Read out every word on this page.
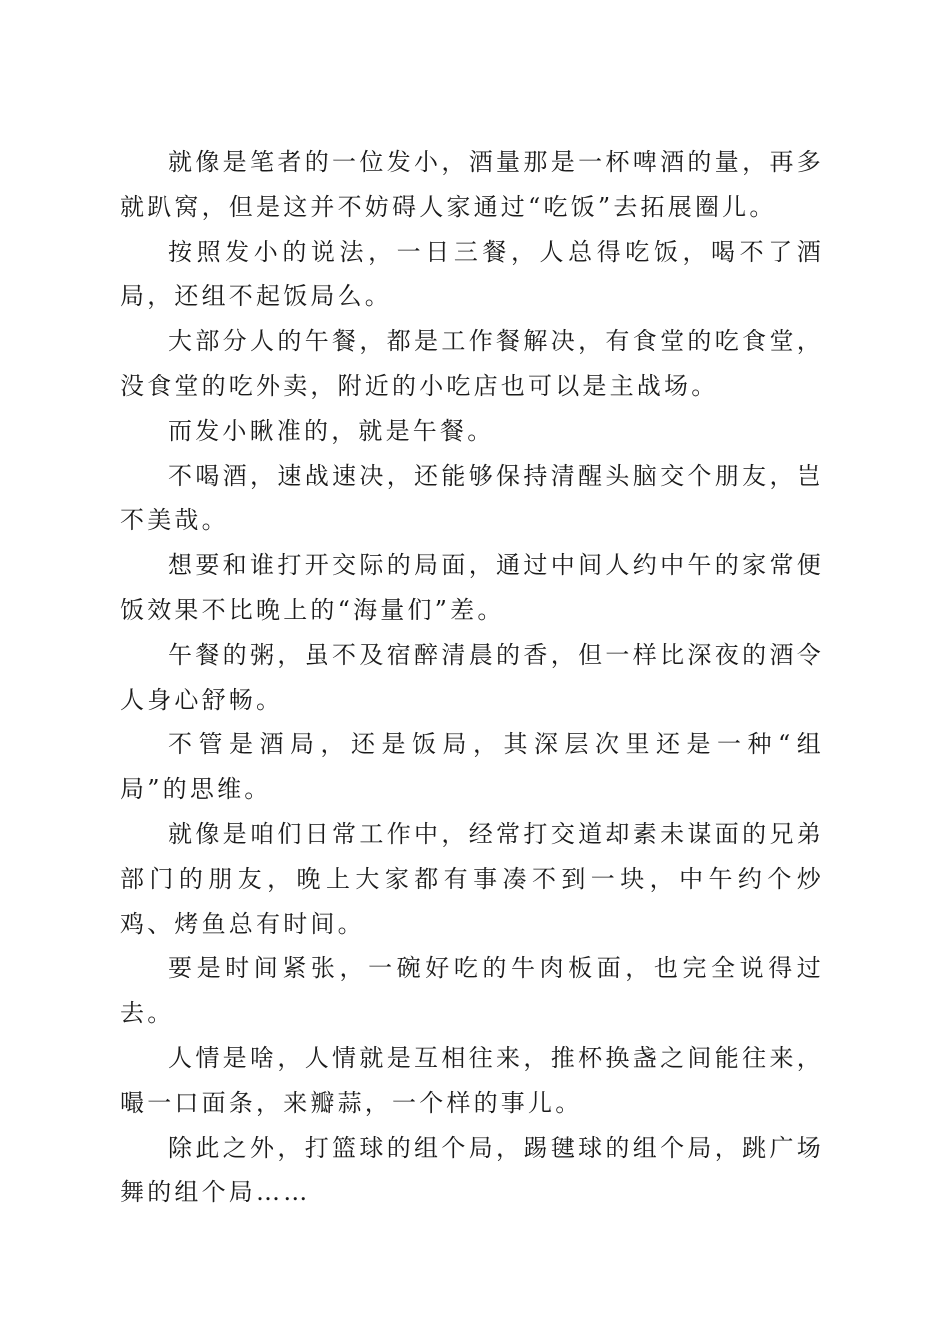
就像是笔者的一位发小，酒量那是一杯啤酒的量，再多就趴窝，但是这并不妨碍人家通过“吃饭”去拓展圈儿。

按照发小的说法，一日三餐，人总得吃饭，喝不了酒局，还组不起饭局么。

大部分人的午餐，都是工作餐解决，有食堂的吃食堂，没食堂的吃外卖，附近的小吃店也可以是主战场。

而发小瞅准的，就是午餐。

不喝酒，速战速决，还能够保持清醒头脑交个朋友，岂不美哉。

想要和谁打开交际的局面，通过中间人约中午的家常便饭效果不比晚上的“海量们”差。

午餐的粥，虽不及宿醉清晨的香，但一样比深夜的酒令人身心舒畅。

不管是酒局，还是饭局，其深层次里还是一种“组局”的思维。

就像是咱们日常工作中，经常打交道却素未谋面的兄弟部门的朋友，晚上大家都有事凑不到一块，中午约个炒鸡、烤鱼总有时间。

要是时间紧张，一碗好吃的牛肉板面，也完全说得过去。

人情是啥，人情就是互相往来，推杯换盏之间能往来，嘬一口面条，来瓣蒜，一个样的事儿。

除此之外，打篮球的组个局，踢毽球的组个局，跳广场舞的组个局……
